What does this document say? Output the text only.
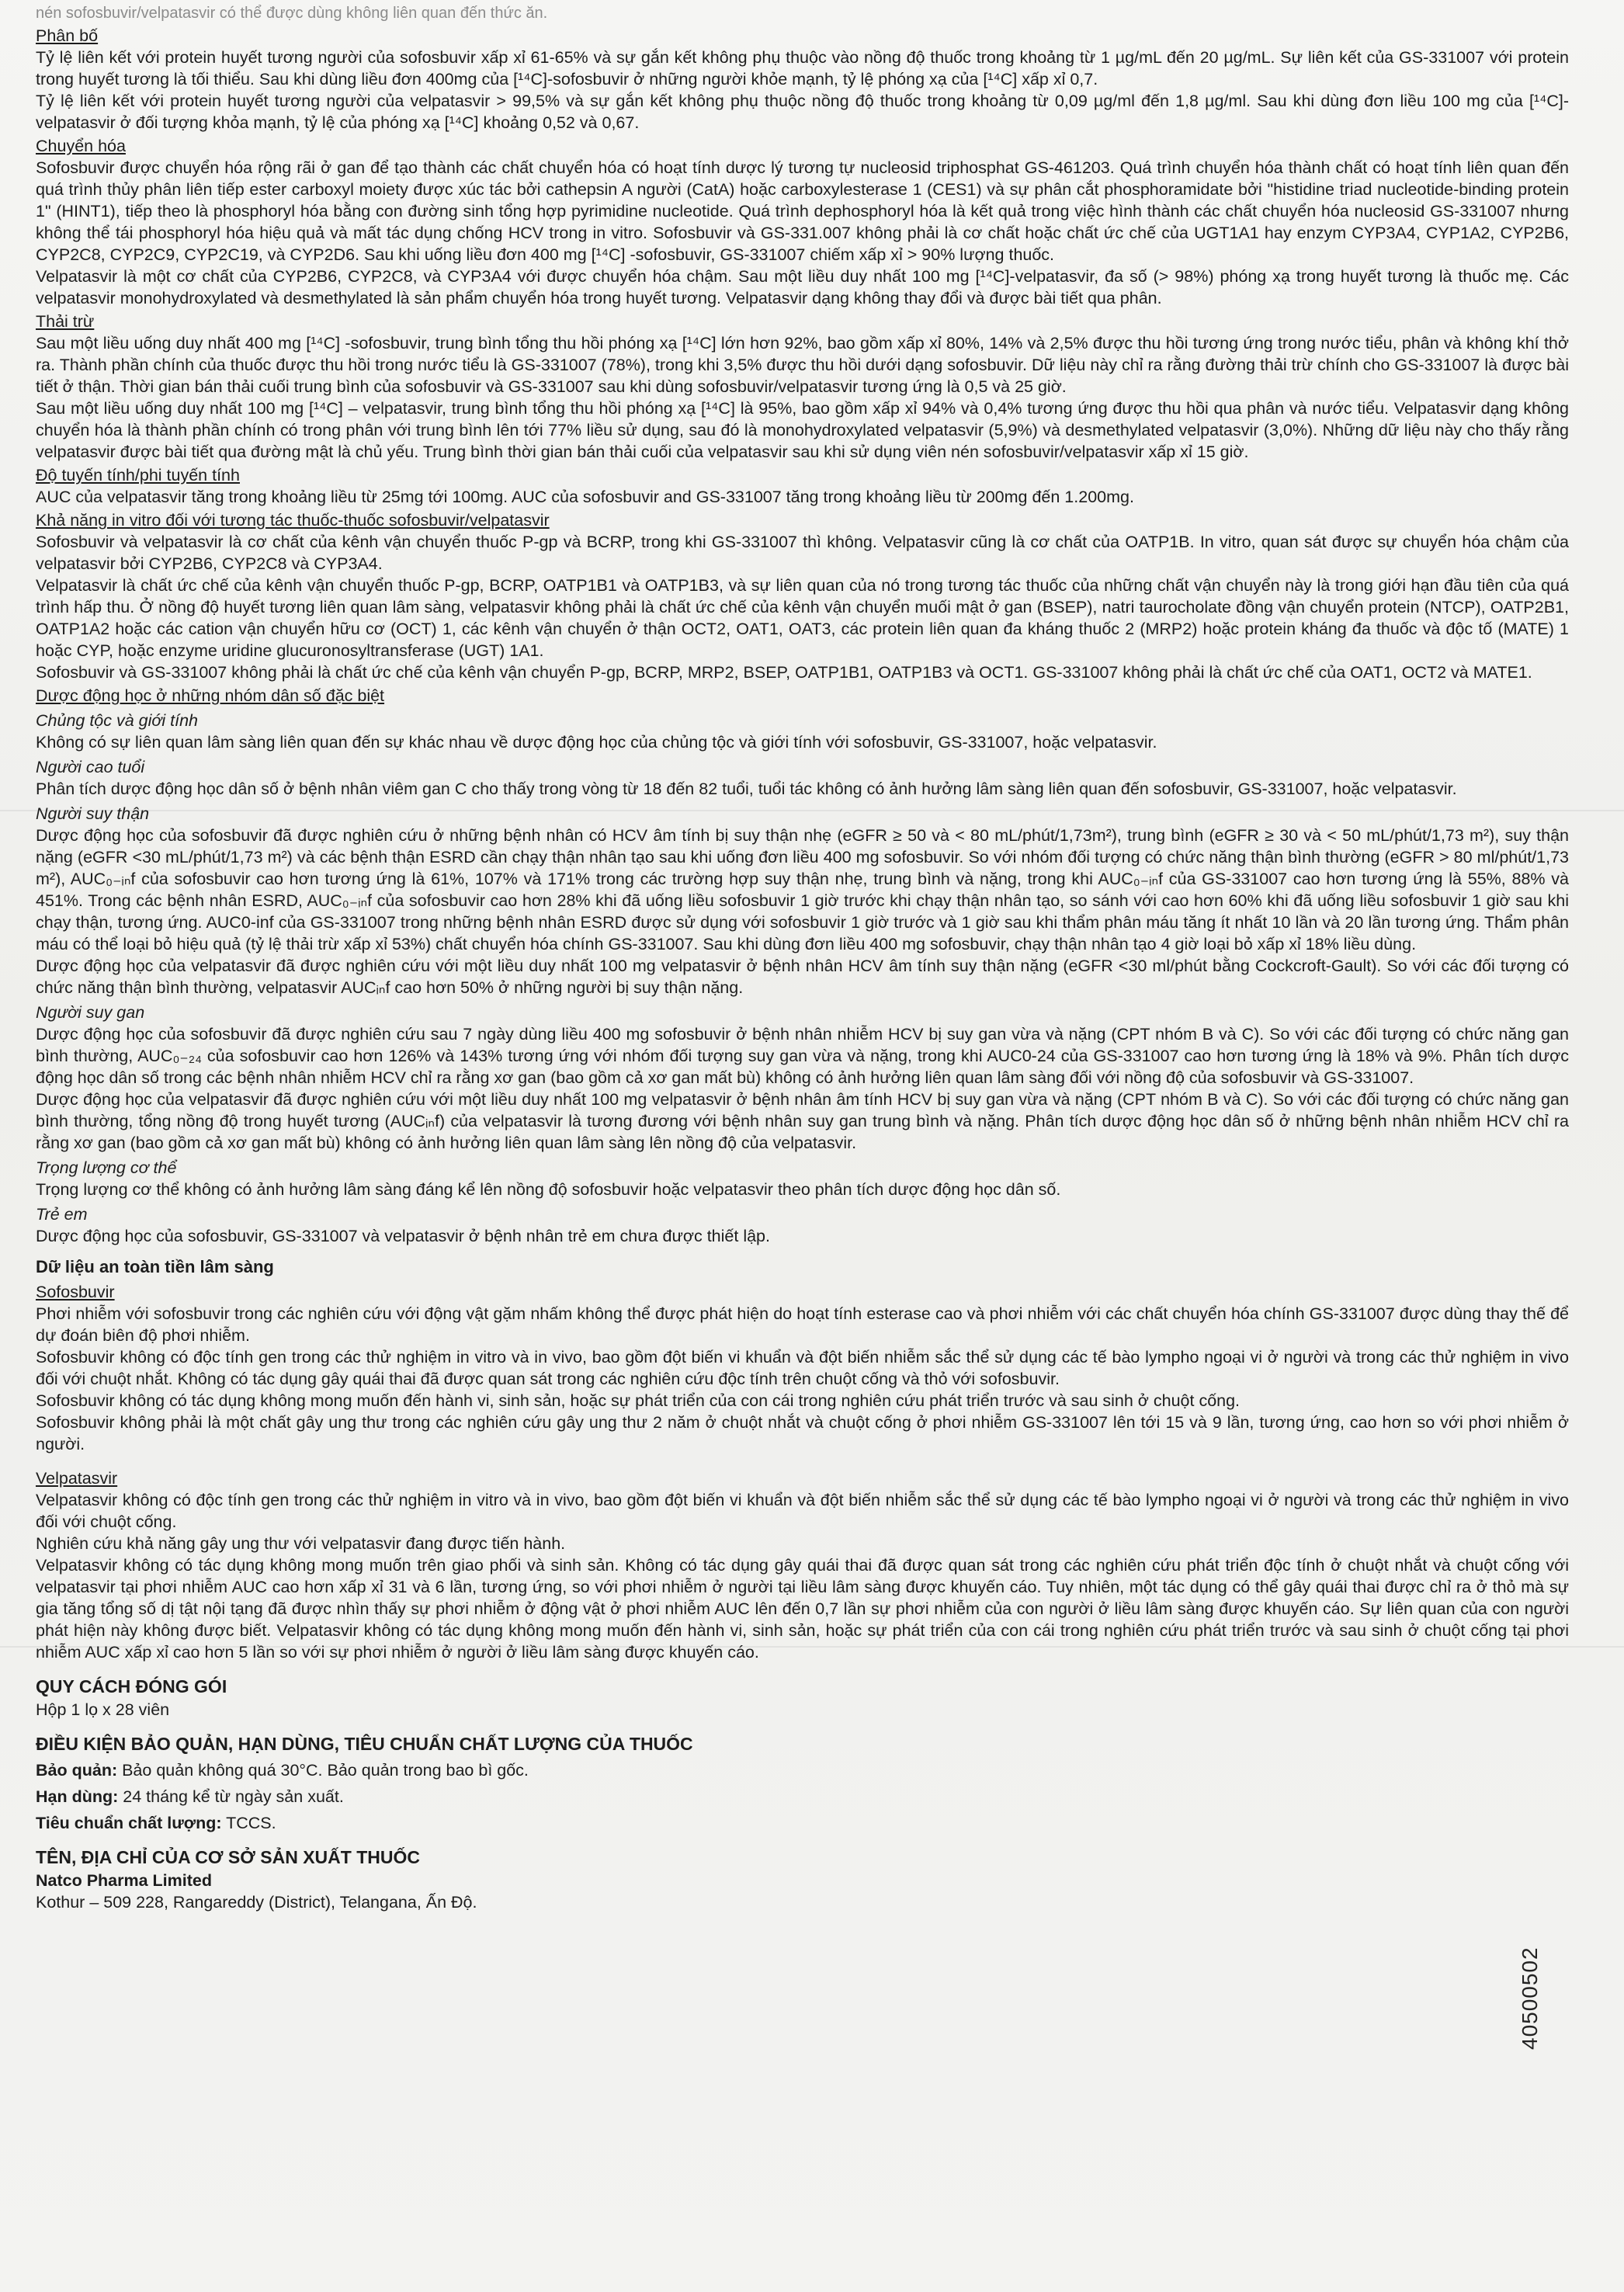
nén sofosbuvir/velpatasvir có thể được dùng không liên quan đến thức ăn.

Phân bố

Tỷ lệ liên kết với protein huyết tương người của sofosbuvir xấp xỉ 61-65% và sự gắn kết không phụ thuộc vào nồng độ thuốc trong khoảng từ 1 µg/mL đến 20 µg/mL. Sự liên kết của GS-331007 với protein trong huyết tương là tối thiểu. Sau khi dùng liều đơn 400mg của [¹⁴C]-sofosbuvir ở những người khỏe mạnh, tỷ lệ phóng xạ của [¹⁴C] xấp xỉ 0,7.

Tỷ lệ liên kết với protein huyết tương người của velpatasvir > 99,5% và sự gắn kết không phụ thuộc nồng độ thuốc trong khoảng từ 0,09 µg/ml đến 1,8 µg/ml. Sau khi dùng đơn liều 100 mg của [¹⁴C]-velpatasvir ở đối tượng khỏa mạnh, tỷ lệ của phóng xạ [¹⁴C] khoảng 0,52 và 0,67.

Chuyển hóa

Sofosbuvir được chuyển hóa rộng rãi ở gan để tạo thành các chất chuyển hóa có hoạt tính dược lý tương tự nucleosid triphosphat GS-461203. Quá trình chuyển hóa thành chất có hoạt tính liên quan đến quá trình thủy phân liên tiếp ester carboxyl moiety được xúc tác bởi cathepsin A người (CatA) hoặc carboxylesterase 1 (CES1) và sự phân cắt phosphoramidate bởi "histidine triad nucleotide-binding protein 1" (HINT1), tiếp theo là phosphoryl hóa bằng con đường sinh tổng hợp pyrimidine nucleotide. Quá trình dephosphoryl hóa là kết quả trong việc hình thành các chất chuyển hóa nucleosid GS-331007 nhưng không thể tái phosphoryl hóa hiệu quả và mất tác dụng chống HCV trong in vitro. Sofosbuvir và GS-331.007 không phải là cơ chất hoặc chất ức chế của UGT1A1 hay enzym CYP3A4, CYP1A2, CYP2B6, CYP2C8, CYP2C9, CYP2C19, và CYP2D6. Sau khi uống liều đơn 400 mg [¹⁴C] -sofosbuvir, GS-331007 chiếm xấp xỉ > 90% lượng thuốc.

Velpatasvir là một cơ chất của CYP2B6, CYP2C8, và CYP3A4 với được chuyển hóa chậm. Sau một liều duy nhất 100 mg [¹⁴C]-velpatasvir, đa số (> 98%) phóng xạ trong huyết tương là thuốc mẹ. Các velpatasvir monohydroxylated và desmethylated là sản phẩm chuyển hóa trong huyết tương. Velpatasvir dạng không thay đổi và được bài tiết qua phân.

Thải trừ

Sau một liều uống duy nhất 400 mg [¹⁴C] -sofosbuvir, trung bình tổng thu hồi phóng xạ [¹⁴C] lớn hơn 92%, bao gồm xấp xỉ 80%, 14% và 2,5% được thu hồi tương ứng trong nước tiểu, phân và không khí thở ra. Thành phần chính của thuốc được thu hồi trong nước tiểu là GS-331007 (78%), trong khi 3,5% được thu hồi dưới dạng sofosbuvir. Dữ liệu này chỉ ra rằng đường thải trừ chính cho GS-331007 là được bài tiết ở thận. Thời gian bán thải cuối trung bình của sofosbuvir và GS-331007 sau khi dùng sofosbuvir/velpatasvir tương ứng là 0,5 và 25 giờ.

Sau một liều uống duy nhất 100 mg [¹⁴C] – velpatasvir, trung bình tổng thu hồi phóng xạ [¹⁴C] là 95%, bao gồm xấp xỉ 94% và 0,4% tương ứng được thu hồi qua phân và nước tiểu. Velpatasvir dạng không chuyển hóa là thành phần chính có trong phân với trung bình lên tới 77% liều sử dụng, sau đó là monohydroxylated velpatasvir (5,9%) và desmethylated velpatasvir (3,0%). Những dữ liệu này cho thấy rằng velpatasvir được bài tiết qua đường mật là chủ yếu. Trung bình thời gian bán thải cuối của velpatasvir sau khi sử dụng viên nén sofosbuvir/velpatasvir xấp xỉ 15 giờ.

Độ tuyến tính/phi tuyến tính

AUC của velpatasvir tăng trong khoảng liều từ 25mg tới 100mg. AUC của sofosbuvir and GS-331007 tăng trong khoảng liều từ 200mg đến 1.200mg.

Khả năng in vitro đối với tương tác thuốc-thuốc sofosbuvir/velpatasvir

Sofosbuvir và velpatasvir là cơ chất của kênh vận chuyển thuốc P-gp và BCRP, trong khi GS-331007 thì không. Velpatasvir cũng là cơ chất của OATP1B. In vitro, quan sát được sự chuyển hóa chậm của velpatasvir bởi CYP2B6, CYP2C8 và CYP3A4.

Velpatasvir là chất ức chế của kênh vận chuyển thuốc P-gp, BCRP, OATP1B1 và OATP1B3, và sự liên quan của nó trong tương tác thuốc của những chất vận chuyển này là trong giới hạn đầu tiên của quá trình hấp thu. Ở nồng độ huyết tương liên quan lâm sàng, velpatasvir không phải là chất ức chế của kênh vận chuyển muối mật ở gan (BSEP), natri taurocholate đồng vận chuyển protein (NTCP), OATP2B1, OATP1A2 hoặc các cation vận chuyển hữu cơ (OCT) 1, các kênh vận chuyển ở thận OCT2, OAT1, OAT3, các protein liên quan đa kháng thuốc 2 (MRP2) hoặc protein kháng đa thuốc và độc tố (MATE) 1 hoặc CYP, hoặc enzyme uridine glucuronosyltransferase (UGT) 1A1.

Sofosbuvir và GS-331007 không phải là chất ức chế của kênh vận chuyển P-gp, BCRP, MRP2, BSEP, OATP1B1, OATP1B3 và OCT1. GS-331007 không phải là chất ức chế của OAT1, OCT2 và MATE1.

Dược động học ở những nhóm dân số đặc biệt

Chủng tộc và giới tính

Không có sự liên quan lâm sàng liên quan đến sự khác nhau về dược động học của chủng tộc và giới tính với sofosbuvir, GS-331007, hoặc velpatasvir.

Người cao tuổi

Phân tích dược động học dân số ở bệnh nhân viêm gan C cho thấy trong vòng từ 18 đến 82 tuổi, tuổi tác không có ảnh hưởng lâm sàng liên quan đến sofosbuvir, GS-331007, hoặc velpatasvir.

Người suy thận

Dược động học của sofosbuvir đã được nghiên cứu ở những bệnh nhân có HCV âm tính bị suy thận nhẹ (eGFR ≥ 50 và < 80 mL/phút/1,73m²), trung bình (eGFR ≥ 30 và < 50 mL/phút/1,73 m²), suy thận nặng (eGFR <30 mL/phút/1,73 m²) và các bệnh thận ESRD cần chạy thận nhân tạo sau khi uống đơn liều 400 mg sofosbuvir. So với nhóm đối tượng có chức năng thận bình thường (eGFR > 80 ml/phút/1,73 m²), AUC₀₋ᵢₙf của sofosbuvir cao hơn tương ứng là 61%, 107% và 171% trong các trường hợp suy thận nhẹ, trung bình và nặng, trong khi AUC₀₋ᵢₙf của GS-331007 cao hơn tương ứng là 55%, 88% và 451%. Trong các bệnh nhân ESRD, AUC₀₋ᵢₙf của sofosbuvir cao hơn 28% khi đã uống liều sofosbuvir 1 giờ trước khi chạy thận nhân tạo, so sánh với cao hơn 60% khi đã uống liều sofosbuvir 1 giờ sau khi chạy thận, tương ứng. AUC0-inf của GS-331007 trong những bệnh nhân ESRD được sử dụng với sofosbuvir 1 giờ trước và 1 giờ sau khi thẩm phân máu tăng ít nhất 10 lần và 20 lần tương ứng. Thẩm phân máu có thể loại bỏ hiệu quả (tỷ lệ thải trừ xấp xỉ 53%) chất chuyển hóa chính GS-331007. Sau khi dùng đơn liều 400 mg sofosbuvir, chạy thận nhân tạo 4 giờ loại bỏ xấp xỉ 18% liều dùng.

Dược động học của velpatasvir đã được nghiên cứu với một liều duy nhất 100 mg velpatasvir ở bệnh nhân HCV âm tính suy thận nặng (eGFR <30 ml/phút bằng Cockcroft-Gault). So với các đối tượng có chức năng thận bình thường, velpatasvir AUCᵢₙf cao hơn 50% ở những người bị suy thận nặng.

Người suy gan

Dược động học của sofosbuvir đã được nghiên cứu sau 7 ngày dùng liều 400 mg sofosbuvir ở bệnh nhân nhiễm HCV bị suy gan vừa và nặng (CPT nhóm B và C). So với các đối tượng có chức năng gan bình thường, AUC₀₋₂₄ của sofosbuvir cao hơn 126% và 143% tương ứng với nhóm đối tượng suy gan vừa và nặng, trong khi AUC0-24 của GS-331007 cao hơn tương ứng là 18% và 9%. Phân tích dược động học dân số trong các bệnh nhân nhiễm HCV chỉ ra rằng xơ gan (bao gồm cả xơ gan mất bù) không có ảnh hưởng liên quan lâm sàng đối với nồng độ của sofosbuvir và GS-331007.

Dược động học của velpatasvir đã được nghiên cứu với một liều duy nhất 100 mg velpatasvir ở bệnh nhân âm tính HCV bị suy gan vừa và nặng (CPT nhóm B và C). So với các đối tượng có chức năng gan bình thường, tổng nồng độ trong huyết tương (AUCᵢₙf) của velpatasvir là tương đương với bệnh nhân suy gan trung bình và nặng. Phân tích dược động học dân số ở những bệnh nhân nhiễm HCV chỉ ra rằng xơ gan (bao gồm cả xơ gan mất bù) không có ảnh hưởng liên quan lâm sàng lên nồng độ của velpatasvir.

Trọng lượng cơ thể

Trọng lượng cơ thể không có ảnh hưởng lâm sàng đáng kể lên nồng độ sofosbuvir hoặc velpatasvir theo phân tích dược động học dân số.

Trẻ em

Dược động học của sofosbuvir, GS-331007 và velpatasvir ở bệnh nhân trẻ em chưa được thiết lập.

Dữ liệu an toàn tiền lâm sàng

Sofosbuvir

Phơi nhiễm với sofosbuvir trong các nghiên cứu với động vật gặm nhấm không thể được phát hiện do hoạt tính esterase cao và phơi nhiễm với các chất chuyển hóa chính GS-331007 được dùng thay thế để dự đoán biên độ phơi nhiễm.

Sofosbuvir không có độc tính gen trong các thử nghiệm in vitro và in vivo, bao gồm đột biến vi khuẩn và đột biến nhiễm sắc thể sử dụng các tế bào lympho ngoại vi ở người và trong các thử nghiệm in vivo đối với chuột nhắt. Không có tác dụng gây quái thai đã được quan sát trong các nghiên cứu độc tính trên chuột cống và thỏ với sofosbuvir.

Sofosbuvir không có tác dụng không mong muốn đến hành vi, sinh sản, hoặc sự phát triển của con cái trong nghiên cứu phát triển trước và sau sinh ở chuột cống.

Sofosbuvir không phải là một chất gây ung thư trong các nghiên cứu gây ung thư 2 năm ở chuột nhắt và chuột cống ở phơi nhiễm GS-331007 lên tới 15 và 9 lần, tương ứng, cao hơn so với phơi nhiễm ở người.

Velpatasvir

Velpatasvir không có độc tính gen trong các thử nghiệm in vitro và in vivo, bao gồm đột biến vi khuẩn và đột biến nhiễm sắc thể sử dụng các tế bào lympho ngoại vi ở người và trong các thử nghiệm in vivo đối với chuột cống.

Nghiên cứu khả năng gây ung thư với velpatasvir đang được tiến hành.

Velpatasvir không có tác dụng không mong muốn trên giao phối và sinh sản. Không có tác dụng gây quái thai đã được quan sát trong các nghiên cứu phát triển độc tính ở chuột nhắt và chuột cống với velpatasvir tại phơi nhiễm AUC cao hơn xấp xỉ 31 và 6 lần, tương ứng, so với phơi nhiễm ở người tại liều lâm sàng được khuyến cáo. Tuy nhiên, một tác dụng có thể gây quái thai được chỉ ra ở thỏ mà sự gia tăng tổng số dị tật nội tạng đã được nhìn thấy sự phơi nhiễm ở động vật ở phơi nhiễm AUC lên đến 0,7 lần sự phơi nhiễm của con người ở liều lâm sàng được khuyến cáo. Sự liên quan của con người phát hiện này không được biết. Velpatasvir không có tác dụng không mong muốn đến hành vi, sinh sản, hoặc sự phát triển của con cái trong nghiên cứu phát triển trước và sau sinh ở chuột cống tại phơi nhiễm AUC xấp xỉ cao hơn 5 lần so với sự phơi nhiễm ở người ở liều lâm sàng được khuyến cáo.

QUY CÁCH ĐÓNG GÓI

Hộp 1 lọ x 28 viên

ĐIỀU KIỆN BẢO QUẢN, HẠN DÙNG, TIÊU CHUẨN CHẤT LƯỢNG CỦA THUỐC

Bảo quản: Bảo quản không quá 30°C. Bảo quản trong bao bì gốc.

Hạn dùng: 24 tháng kể từ ngày sản xuất.

Tiêu chuẩn chất lượng: TCCS.

TÊN, ĐỊA CHỈ CỦA CƠ SỞ SẢN XUẤT THUỐC

Natco Pharma Limited

Kothur – 509 228, Rangareddy (District), Telangana, Ấn Độ.

40500502
